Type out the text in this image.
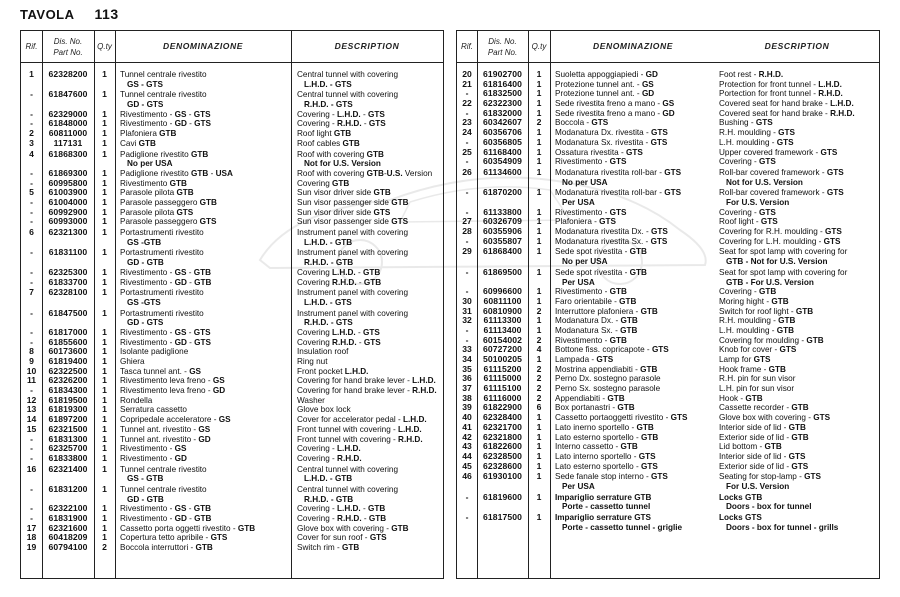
TAVOLA 113
Rif.
Dis. No.
Part No.
Q.ty	DENOMINAZIONE	DESCRIPTION
1	62328200	1	Tunnel centrale rivestito
GS - GTS
Central tunnel with covering
L.H.D. - GTS
-	61847600	1	Tunnel centrale rivestito
GD - GTS
Central tunnel with covering
R.H.D. - GTS
-	62329000	1	Rivestimento - GS - GTS	Covering - L.H.D. - GTS
-	61848000	1	Rivestimento - GD - GTS	Covering - R.H.D. - GTS
2	60811000	1	Plafoniera GTB	Roof light GTB
3	117131	1	Cavi GTB	Roof cables GTB
4	61868300	1	Padiglione rivestito GTB
No per USA
Roof with covering GTB
Not for U.S. Version
-	61869300	1	Padiglione rivestito GTB - USA	Roof with covering GTB-U.S. Version
-	60995800	1	Rivestimento GTB	Covering GTB
5	61003900	1	Parasole pilota GTB	Sun visor driver side GTB
-	61004000	1	Parasole passeggero GTB	Sun visor passenger side GTB
-	60992900	1	Parasole pilota GTS	Sun visor driver side GTS
-	60993000	1	Parasole passeggero GTS	Sun visor passenger side GTS
6	62321300	1	Portastrumenti rivestito
GS -GTB
Instrument panel with covering
L.H.D. - GTB
-	61831100	1	Portastrumenti rivestito
GD - GTB
Instrument panel with covering
R.H.D. - GTB
-	62325300	1	Rivestimento - GS - GTB	Covering L.H.D. - GTB
-	61833700	1	Rivestimento - GD - GTB	Covering R.H.D. - GTB
7	62328100	1	Portastrumenti rivestito
GS -GTS
Instrument panel with covering
L.H.D. - GTS
-	61847500	1	Portastrumenti rivestito
GD - GTS
Instrument panel with covering
R.H.D. - GTS
-	61817000	1	Rivestimento - GS - GTS	Covering L.H.D. - GTS
-	61855600	1	Rivestimento - GD - GTS	Covering R.H.D. - GTS
8	60173600	1	Isolante padiglione	Insulation roof
9	61819400	1	Ghiera	Ring nut
10	62322500	1	Tasca tunnel ant. - GS	Front pocket L.H.D.
11	62326200	1	Rivestimento leva freno - GS	Covering for hand brake lever - L.H.D.
-	61834300	1	Rivestimento leva freno - GD	Covering for hand brake lever - R.H.D.
12	61819500	1	Rondella	Washer
13	61819300	1	Serratura cassetto	Glove box lock
14	61897200	1	Copripedale acceleratore - GS	Cover for accelerator pedal - L.H.D.
15	62321500	1	Tunnel ant. rivestito - GS	Front tunnel with covering - L.H.D.
-	61831300	1	Tunnel ant. rivestito - GD	Front tunnel with covering - R.H.D.
-	62325700	1	Rivestimento - GS	Covering - L.H.D.
-	61833800	1	Rivestimento - GD	Covering - R.H.D.
16	62321400	1	Tunnel centrale rivestito
GS - GTB
Central tunnel with covering
L.H.D. - GTB
-	61831200	1	Tunnel centrale rivestito
GD - GTB
Central tunnel with covering
R.H.D. - GTB
-	62322100	1	Rivestimento - GS - GTB	Covering - L.H.D. - GTB
-	61831900	1	Rivestimento - GD - GTB	Covering - R.H.D. - GTB
17	62321600	1	Cassetto porta oggetti rivestito - GTB	Glove box with covering - GTB
18	60418209	1	Copertura tetto apribile - GTS	Cover for sun roof - GTS
19	60794100	2	Boccola interruttori - GTB	Switch rim - GTB
Rif.
Dis. No.
Part No.
Q.ty	DENOMINAZIONE	DESCRIPTION
20	61902700	1	Suoletta appoggiapiedi - GD	Foot rest - R.H.D.
21	61816400	1	Protezione tunnel ant. - GS	Protection for front tunnel - L.H.D.
-	61832500	1	Protezione tunnel ant. - GD	Portection for front tunnel - R.H.D.
22	62322300	1	Sede rivestita freno a mano - GS	Covered seat for hand brake - L.H.D.
-	61832000	1	Sede rivestita freno a mano - GD	Covered seat for hand brake - R.H.D.
23	60342607	2	Boccola - GTS	Bushing - GTS
24	60356706	1	Modanatura Dx. rivestita - GTS	R.H. moulding - GTS
-	60356805	1	Modanatura Sx. rivestita - GTS	L.H. moulding - GTS
25	61168400	1	Ossatura rivestita - GTS	Upper covered framework - GTS
-	60354909	1	Rivestimento - GTS	Covering - GTS
26	61134600	1	Modanatura rivestita roll-bar - GTS
No per USA
Roll-bar covered framework - GTS
Not for U.S. Version
-	61870200	1	Modanatura rivestita roll-bar - GTS
Per USA
Roll-bar covered framework - GTS
For U.S. Version
-	61133800	1	Rivestimento - GTS	Covering - GTS
27	60326709	1	Plafoniera - GTS	Roof light - GTS
28	60355906	1	Modanatura rivestita Dx. - GTS	Covering for R.H. moulding - GTS
-	60355807	1	Modanatura rivestita Sx. - GTS	Covering for L.H. moulding - GTS
29	61868400	1	Sede spot rivestita - GTB
No per USA
Seat for spot lamp with covering for
GTB - Not for U.S. Version
-	61869500	1	Sede spot rivestita - GTB
Per USA
Seat for spot lamp with covering for
GTB - For U.S. Version
-	60996600	1	Rivestimento - GTB	Covering - GTB
30	60811100	1	Faro orientabile - GTB	Moring hight - GTB
31	60810900	2	Interruttore plafoniera - GTB	Switch for roof light - GTB
32	61113300	1	Modanatura Dx. - GTB	R.H. moulding - GTB
-	61113400	1	Modanatura Sx. - GTB	L.H. moulding - GTB
-	60154002	2	Rivestimento - GTB	Covering for moulding - GTB
33	60727200	4	Bottone fiss. copricapote - GTS	Knob for cover - GTS
34	50100205	1	Lampada - GTS	Lamp for GTS
35	61115200	2	Mostrina appendiabiti - GTB	Hook frame - GTB
36	61115000	2	Perno Dx. sostegno parasole	R.H. pin for sun visor
37	61115100	2	Perno Sx. sostegno parasole	L.H. pin for sun visor
38	61116000	2	Appendiabiti - GTB	Hook - GTB
39	61822900	6	Box portanastri - GTB	Cassette recorder - GTB
40	62328400	1	Cassetto portaoggetti rivestito - GTS	Glove box with covering - GTS
41	62321700	1	Lato inerno sportello - GTB	Interior side of lid - GTB
42	62321800	1	Lato esterno sportello - GTB	Exterior side of lid - GTB
43	61822600	1	Interno cassetto - GTB	Lid bottom - GTB
44	62328500	1	Lato interno sportello - GTS	Interior side of lid - GTS
45	62328600	1	Lato esterno sportello - GTS	Exterior side of lid - GTS
46	61930100	1	Sede fanale stop interno - GTS
Per USA
Seating for stop-lamp - GTS
For U.S. Version
-	61819600	1	Impariglio serrature GTB
Porte - cassetto tunnel
Locks GTB
Doors - box for tunnel
-	61817500	1	Impariglio serrature GTS
Porte - cassetto tunnel - griglie
Locks GTS
Doors - box for tunnel - grills
